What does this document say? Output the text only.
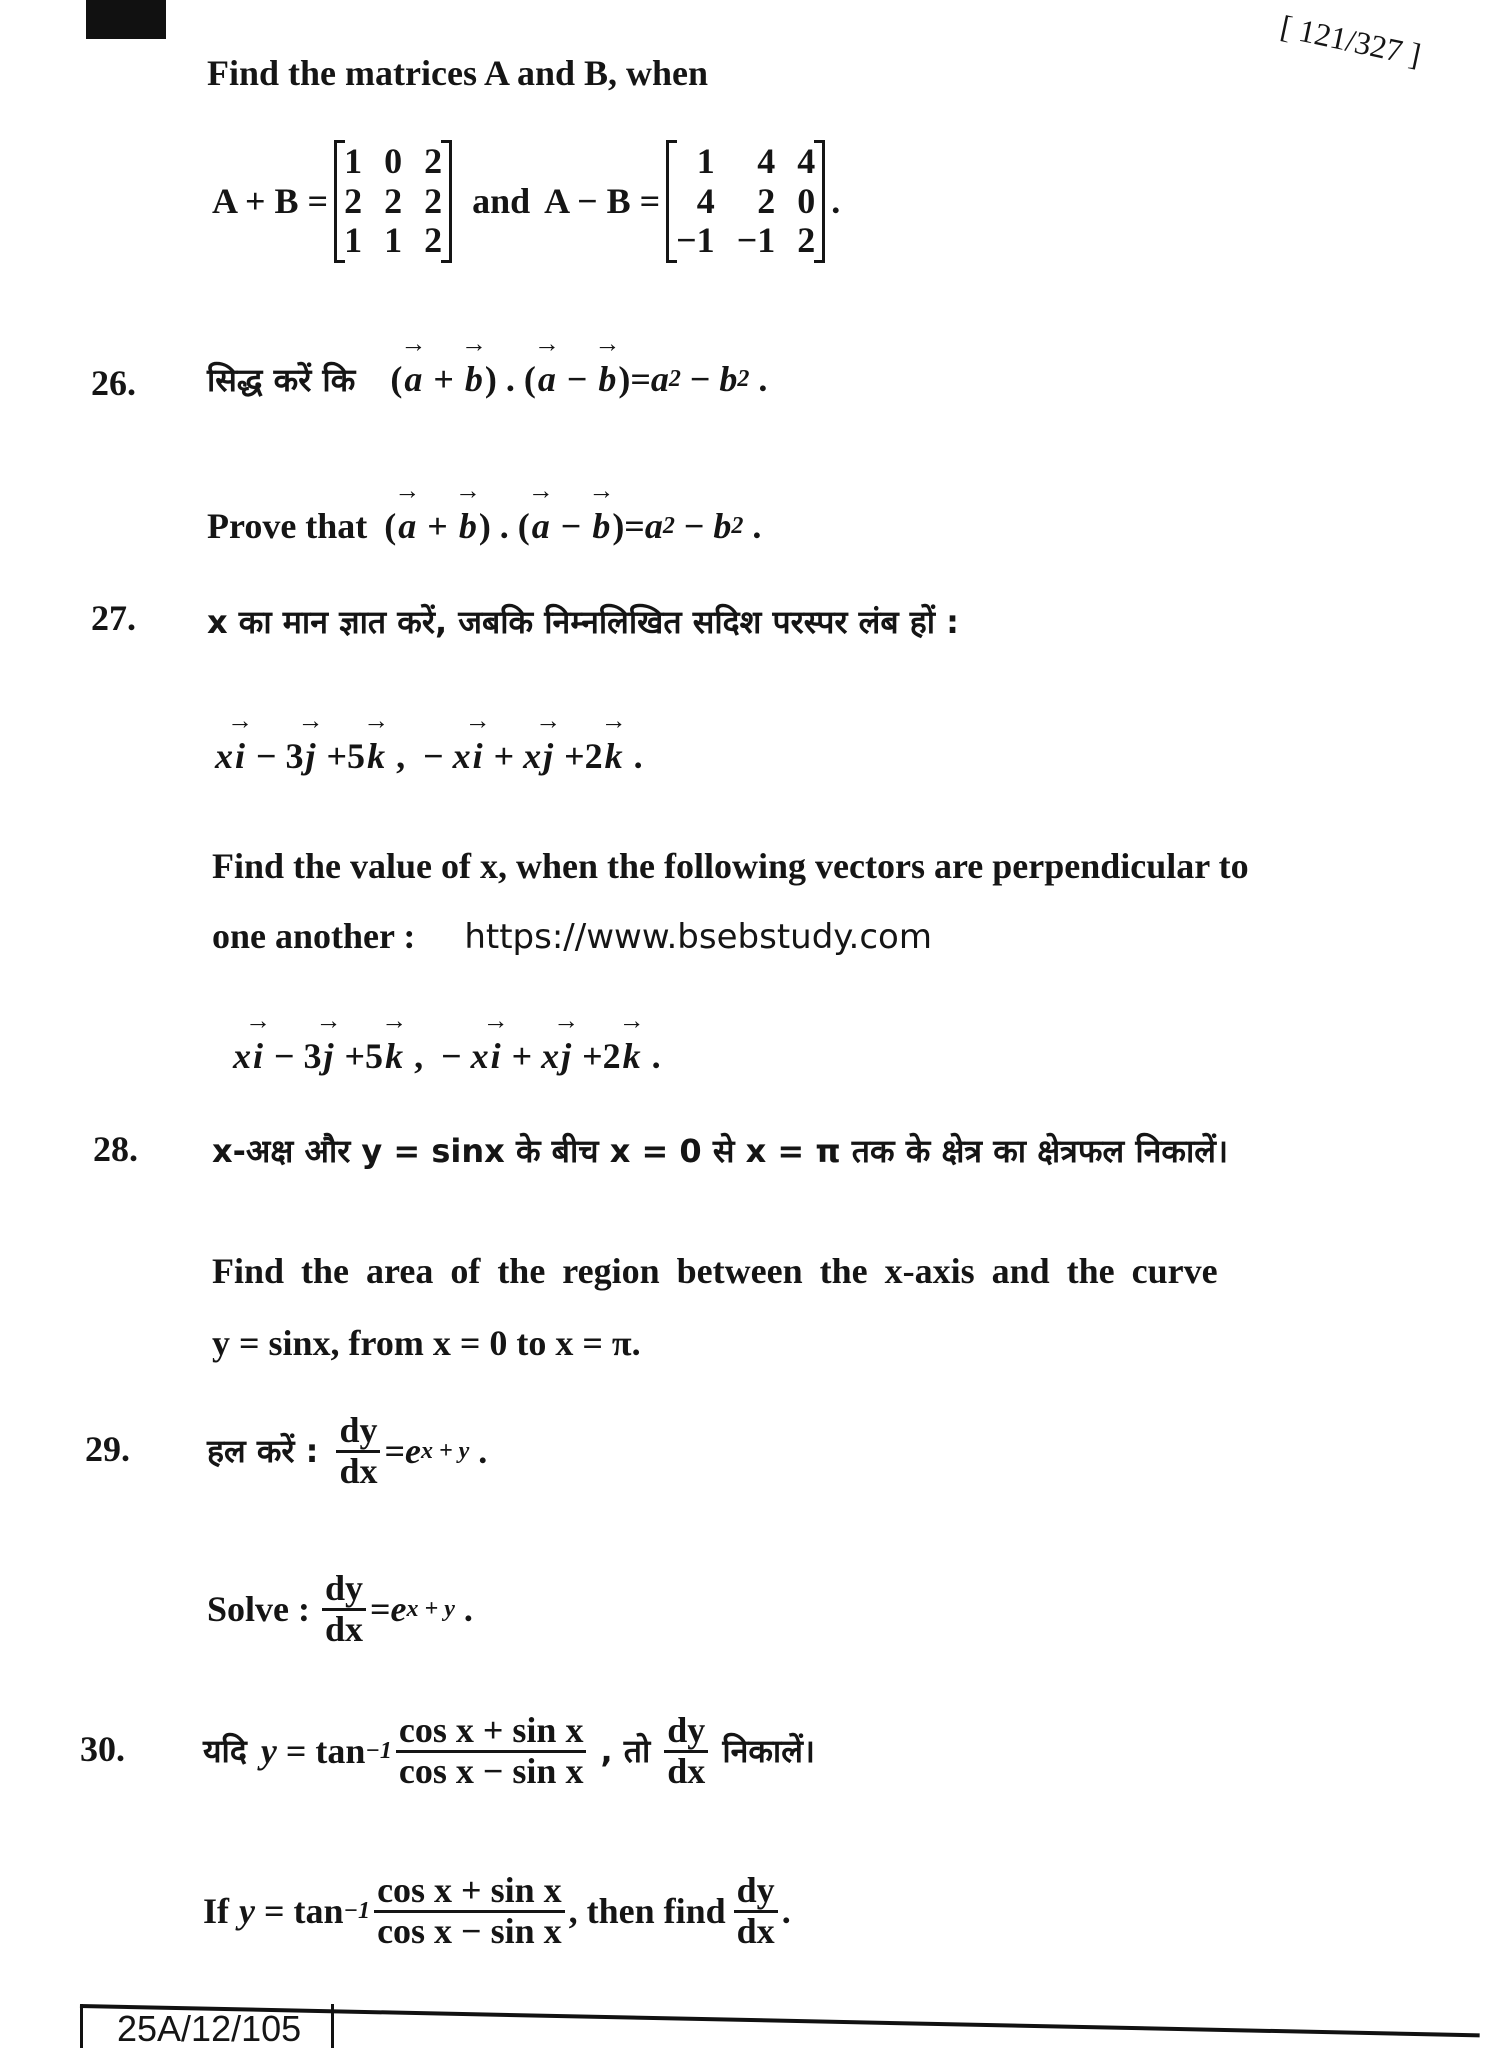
[ 121/327 ]
Find the matrices A and B, when
A + B =
1 0 2
2 2 2
1 1 2
and A − B =
1	4 4
4	2 0
−1 −1 2
.
26. सिद्ध करें कि ( a
→
+ b
→
) . ( a
→
− b
→
)= a 2 − b 2 .
Prove that ( a
→
+ b
→
) . ( a
→
− b
→
)= a 2 − b 2 .
27. x का मान ज्ञात करें, जबकि निम्नलिखित सदिश परस्पर लंब हों :
x i
→
− 3 j
→
+5 k
→
,  − x i
→
+ x j
→
+2 k
→
.
Find the value of x, when the following vectors are perpendicular to
one another : https://www.bsebstudy.com
x i
→
− 3 j
→
+5 k
→
,  − x i
→
+ x j
→
+2 k
→
.
28. x-अक्ष और y = sinx के बीच x = 0 से x = π तक के क्षेत्र का क्षेत्रफल निकालें।
Find the area of the region between the x-axis and the curve
y = sinx, from x = 0 to x = π.
29. हल करें : $\frac{dy}{dx} = e$ x + y .
Solve : $\frac{dy}{dx} = e$ x + y .
30. यदि $y = \tan -1 \frac{\text{cos x + sin x}}{\text{cos x − sin x}}$ , तो $\frac{dy}{dx}$ निकालें।
If $y = \tan -1 \frac{\text{cos x + sin x}}{\text{cos x − sin x}}$ , then find $\frac{dy}{dx}$ .
25A/12/105
